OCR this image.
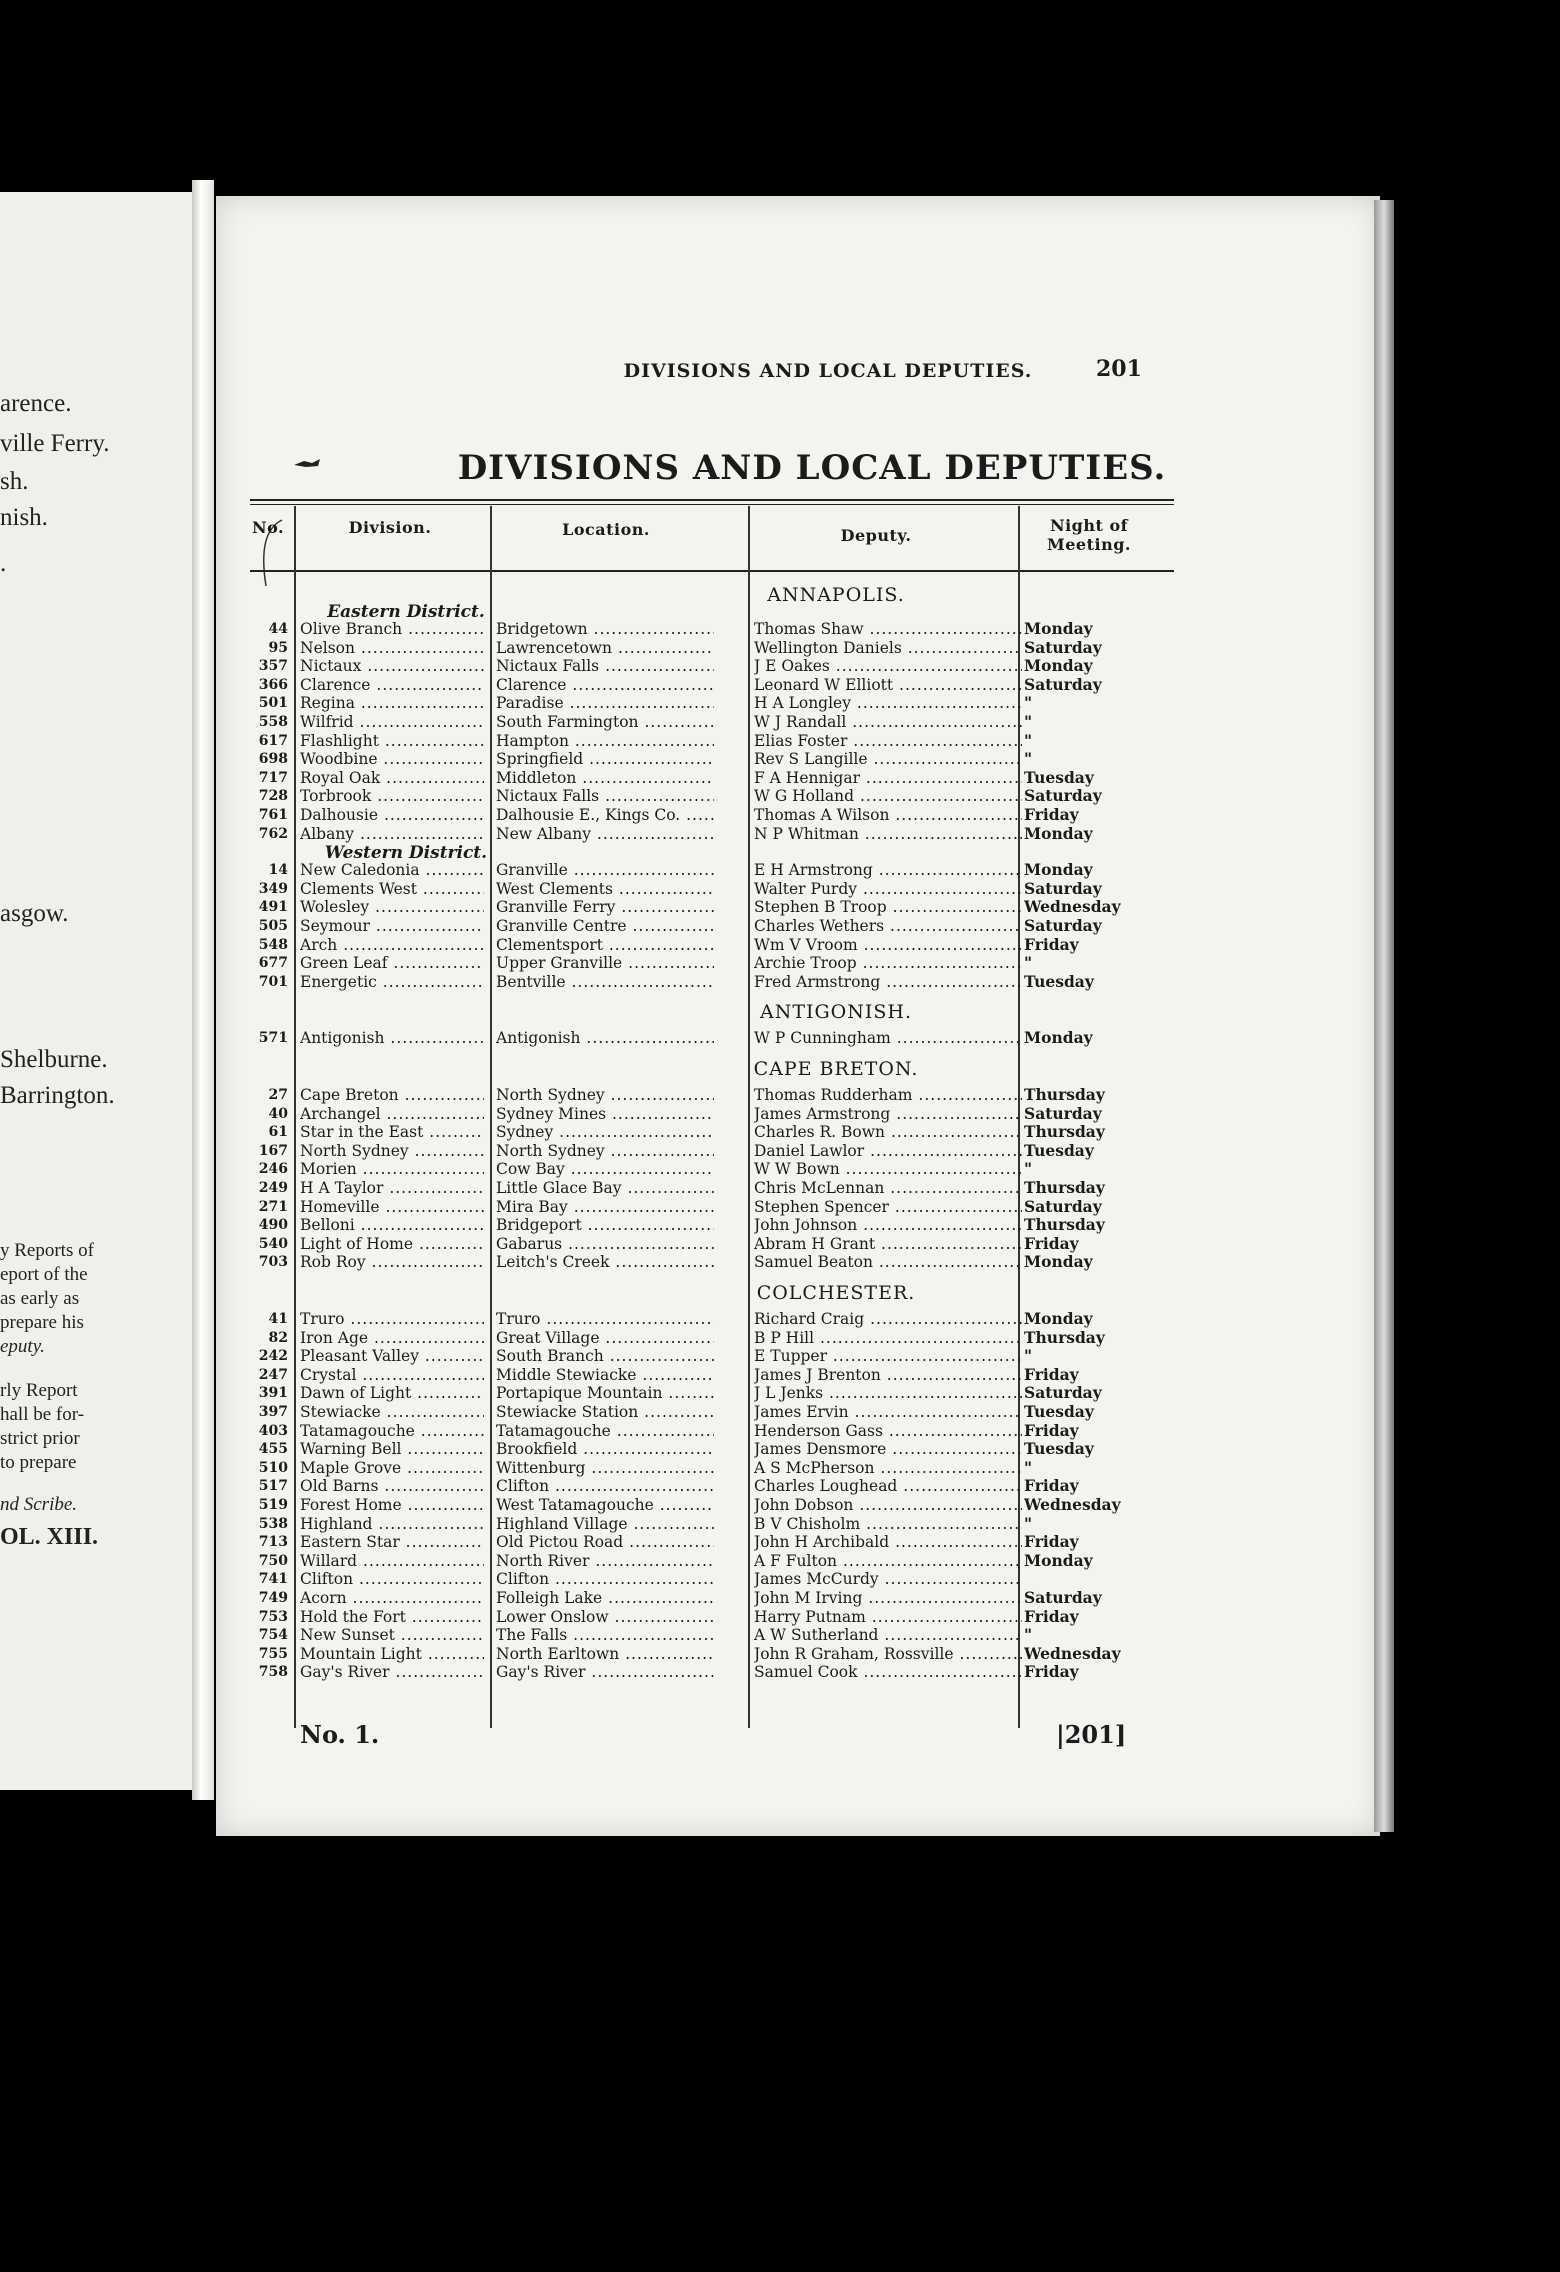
arence.
ville Ferry.
sh.
nish.
.
asgow.
Shelburne.
Barrington.
y Reports of
eport of the
as early as
prepare his
eputy.
rly Report
hall be for-
strict prior
to prepare
nd Scribe.
OL. XIII.
DIVISIONS AND LOCAL DEPUTIES.	201
DIVISIONS AND LOCAL DEPUTIES.
No.	Division.	Location.	Deputy.
Night of
Meeting.
ANNAPOLIS.
Eastern District.
44 Olive Branch .....	Bridgetown .....	Thomas Shaw .....	Monday
95 Nelson .....	Lawrencetown .....	Wellington Daniels .....	Saturday
357 Nictaux .....	Nictaux Falls .....	J E Oakes .....	Monday
366 Clarence .....	Clarence .....	Leonard W Elliott .....	Saturday
501 Regina .....	Paradise .....	H A Longley .....	"
558 Wilfrid .....	South Farmington .....	W J Randall .....	"
617 Flashlight .....	Hampton .....	Elias Foster .....	"
698 Woodbine .....	Springfield .....	Rev S Langille .....	"
717 Royal Oak .....	Middleton .....	F A Hennigar .....	Tuesday
728 Torbrook .....	Nictaux Falls .....	W G Holland .....	Saturday
761 Dalhousie .....	Dalhousie E., Kings Co. .....	Thomas A Wilson .....	Friday
762 Albany .....	New Albany .....	N P Whitman .....	Monday
Western District.
14 New Caledonia .....	Granville .....	E H Armstrong .....	Monday
349 Clements West .....	West Clements .....	Walter Purdy .....	Saturday
491 Wolesley .....	Granville Ferry .....	Stephen B Troop .....	Wednesday
505 Seymour .....	Granville Centre .....	Charles Wethers .....	Saturday
548 Arch .....	Clementsport .....	Wm V Vroom .....	Friday
677 Green Leaf .....	Upper Granville .....	Archie Troop .....	"
701 Energetic .....	Bentville .....	Fred Armstrong .....	Tuesday
ANTIGONISH.
571 Antigonish .....	Antigonish .....	W P Cunningham .....	Monday
CAPE BRETON.
27 Cape Breton .....	North Sydney .....	Thomas Rudderham .....	Thursday
40 Archangel .....	Sydney Mines .....	James Armstrong .....	Saturday
61 Star in the East .....	Sydney .....	Charles R. Bown .....	Thursday
167 North Sydney .....	North Sydney .....	Daniel Lawlor .....	Tuesday
246 Morien .....	Cow Bay .....	W W Bown .....	"
249 H A Taylor .....	Little Glace Bay .....	Chris McLennan .....	Thursday
271 Homeville .....	Mira Bay .....	Stephen Spencer .....	Saturday
490 Belloni .....	Bridgeport .....	John Johnson .....	Thursday
540 Light of Home .....	Gabarus .....	Abram H Grant .....	Friday
703 Rob Roy .....	Leitch's Creek .....	Samuel Beaton .....	Monday
COLCHESTER.
41 Truro .....	Truro .....	Richard Craig .....	Monday
82 Iron Age .....	Great Village .....	B P Hill .....	Thursday
242 Pleasant Valley .....	South Branch .....	E Tupper .....	"
247 Crystal .....	Middle Stewiacke .....	James J Brenton .....	Friday
391 Dawn of Light .....	Portapique Mountain .....	J L Jenks .....	Saturday
397 Stewiacke .....	Stewiacke Station .....	James Ervin .....	Tuesday
403 Tatamagouche .....	Tatamagouche .....	Henderson Gass .....	Friday
455 Warning Bell .....	Brookfield .....	James Densmore .....	Tuesday
510 Maple Grove .....	Wittenburg .....	A S McPherson .....	"
517 Old Barns .....	Clifton .....	Charles Loughead .....	Friday
519 Forest Home .....	West Tatamagouche .....	John Dobson .....	Wednesday
538 Highland .....	Highland Village .....	B V Chisholm .....	"
713 Eastern Star .....	Old Pictou Road .....	John H Archibald .....	Friday
750 Willard .....	North River .....	A F Fulton .....	Monday
741 Clifton .....	Clifton .....	James McCurdy .....
749 Acorn .....	Folleigh Lake .....	John M Irving .....	Saturday
753 Hold the Fort .....	Lower Onslow .....	Harry Putnam .....	Friday
754 New Sunset .....	The Falls .....	A W Sutherland .....	"
755 Mountain Light .....	North Earltown .....	John R Graham, Rossville .....	Wednesday
758 Gay's River .....	Gay's River .....	Samuel Cook .....	Friday
No. 1.	|201]
